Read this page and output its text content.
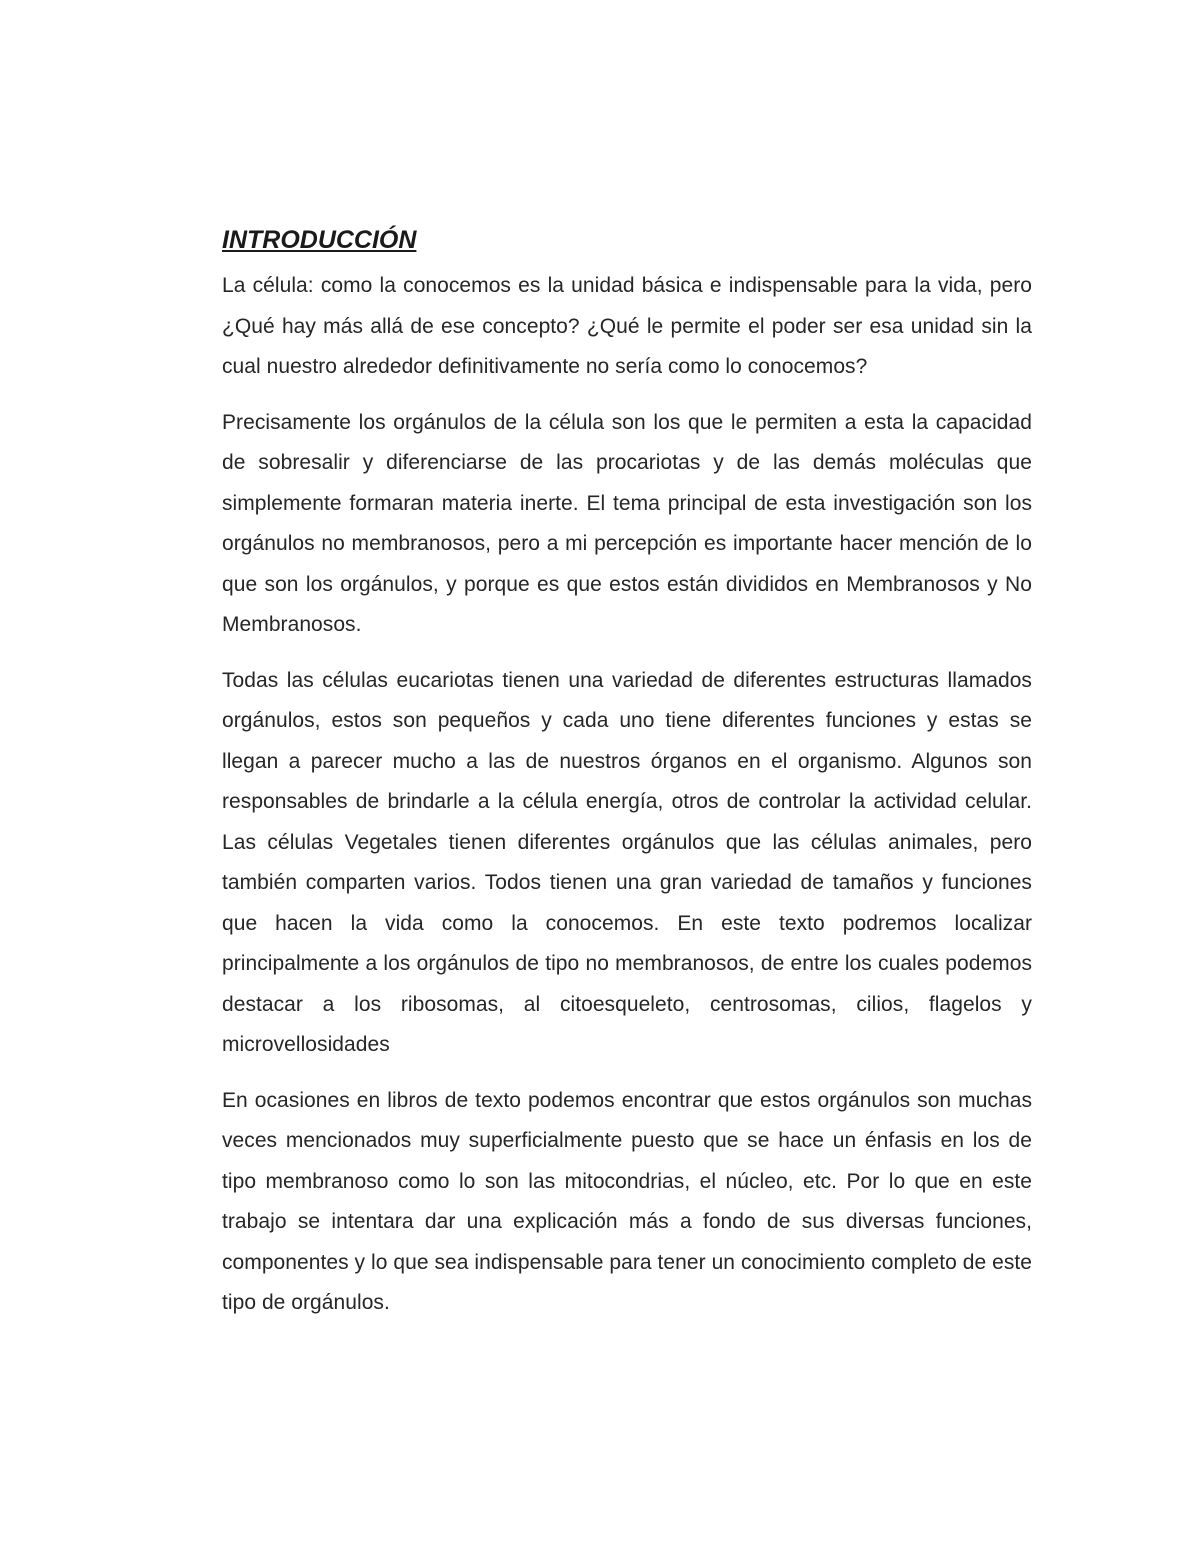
INTRODUCCIÓN

La célula: como la conocemos es la unidad básica e indispensable para la vida, pero ¿Qué hay más allá de ese concepto? ¿Qué le permite el poder ser esa unidad sin la cual nuestro alrededor definitivamente no sería como lo conocemos?

Precisamente los orgánulos de la célula son los que le permiten a esta la capacidad de sobresalir y diferenciarse de las procariotas y de las demás moléculas que simplemente formaran materia inerte. El tema principal de esta investigación son los orgánulos no membranosos, pero a mi percepción es importante hacer mención de lo que son los orgánulos, y porque es que estos están divididos en Membranosos y No Membranosos.

Todas las células eucariotas tienen una variedad de diferentes estructuras llamados orgánulos, estos son pequeños y cada uno tiene diferentes funciones y estas se llegan a parecer mucho a las de nuestros órganos en el organismo. Algunos son responsables de brindarle a la célula energía, otros de controlar la actividad celular. Las células Vegetales tienen diferentes orgánulos que las células animales, pero también comparten varios. Todos tienen una gran variedad de tamaños y funciones que hacen la vida como la conocemos. En este texto podremos localizar principalmente a los orgánulos de tipo no membranosos, de entre los cuales podemos destacar a los ribosomas, al citoesqueleto, centrosomas, cilios, flagelos y microvellosidades

En ocasiones en libros de texto podemos encontrar que estos orgánulos son muchas veces mencionados muy superficialmente puesto que se hace un énfasis en los de tipo membranoso como lo son las mitocondrias, el núcleo, etc. Por lo que en este trabajo se intentara dar una explicación más a fondo de sus diversas funciones, componentes y lo que sea indispensable para tener un conocimiento completo de este tipo de orgánulos.
